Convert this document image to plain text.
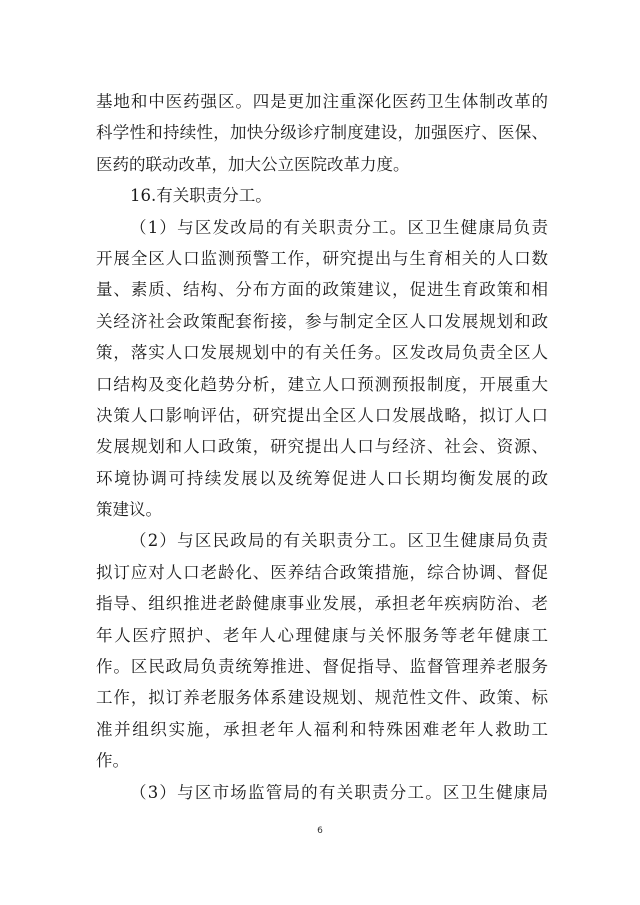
基地和中医药强区。四是更加注重深化医药卫生体制改革的
科学性和持续性，加快分级诊疗制度建设，加强医疗、医保、
医药的联动改革，加大公立医院改革力度。
16.有关职责分工。
（1）与区发改局的有关职责分工。区卫生健康局负责
开展全区人口监测预警工作，研究提出与生育相关的人口数
量、素质、结构、分布方面的政策建议，促进生育政策和相
关经济社会政策配套衔接，参与制定全区人口发展规划和政
策，落实人口发展规划中的有关任务。区发改局负责全区人
口结构及变化趋势分析，建立人口预测预报制度，开展重大
决策人口影响评估，研究提出全区人口发展战略，拟订人口
发展规划和人口政策，研究提出人口与经济、社会、资源、
环境协调可持续发展以及统筹促进人口长期均衡发展的政
策建议。
（2）与区民政局的有关职责分工。区卫生健康局负责
拟订应对人口老龄化、医养结合政策措施，综合协调、督促
指导、组织推进老龄健康事业发展，承担老年疾病防治、老
年人医疗照护、老年人心理健康与关怀服务等老年健康工
作。区民政局负责统筹推进、督促指导、监督管理养老服务
工作，拟订养老服务体系建设规划、规范性文件、政策、标
准并组织实施，承担老年人福利和特殊困难老年人救助工
作。
（3）与区市场监管局的有关职责分工。区卫生健康局
6
